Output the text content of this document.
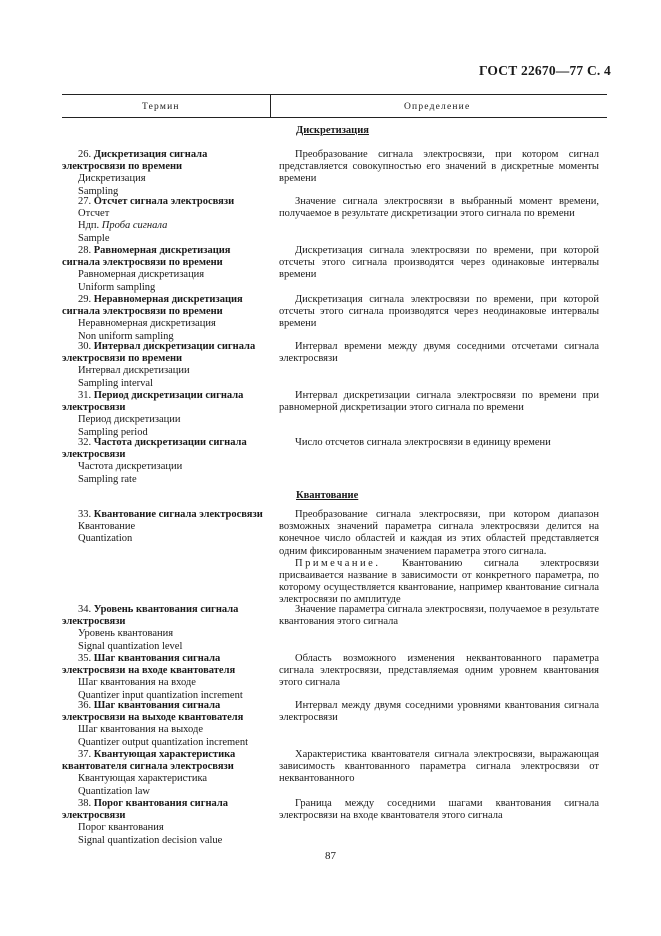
ГОСТ 22670—77 С. 4
Термин	Определение
Дискретизация
26. Дискретизация сигнала электросвязи по времени
Дискретизация
Sampling

Преобразование сигнала электросвязи, при котором сигнал представляется совокупностью его значений в дискретные моменты времени

27. Отсчет сигнала электросвязи
Отсчет
Ндп. Проба сигнала
Sample

Значение сигнала электросвязи в выбранный момент времени, получаемое в результате дискретизации этого сигнала по времени

28. Равномерная дискретизация сигнала электросвязи по времени
Равномерная дискретизация
Uniform sampling

Дискретизация сигнала электросвязи по времени, при которой отсчеты этого сигнала производятся через одинаковые интервалы времени

29. Неравномерная дискретизация сигнала электросвязи по времени
Неравномерная дискретизация
Non uniform sampling

Дискретизация сигнала электросвязи по времени, при которой отсчеты этого сигнала производятся через неодинаковые интервалы времени

30. Интервал дискретизации сигнала электросвязи по времени
Интервал дискретизации
Sampling interval

Интервал времени между двумя соседними отсчетами сигнала электросвязи

31. Период дискретизации сигнала электросвязи
Период дискретизации
Sampling period

Интервал дискретизации сигнала электросвязи по времени при равномерной дискретизации этого сигнала по времени

32. Частота дискретизации сигнала электросвязи
Частота дискретизации
Sampling rate

Число отсчетов сигнала электросвязи в единицу времени

33. Квантование сигнала электросвязи
Квантование
Quantization

Преобразование сигнала электросвязи, при котором диапазон возможных значений параметра сигнала электросвязи делится на конечное число областей и каждая из этих областей представляется одним фиксированным значением параметра этого сигнала.

Примечание. Квантованию сигнала электросвязи присваивается название в зависимости от конкретного параметра, по которому осуществляется квантование, например квантование сигнала электросвязи по амплитуде

34. Уровень квантования сигнала электросвязи
Уровень квантования
Signal quantization level

Значение параметра сигнала электросвязи, получаемое в результате квантования этого сигнала

35. Шаг квантования сигнала электросвязи на входе квантователя
Шаг квантования на входе
Quantizer input quantization increment

Область возможного изменения неквантованного параметра сигнала электросвязи, представляемая одним уровнем квантования этого сигнала

36. Шаг квантования сигнала электросвязи на выходе квантователя
Шаг квантования на выходе
Quantizer output quantization increment

Интервал между двумя соседними уровнями квантования сигнала электросвязи

37. Квантующая характеристика квантователя сигнала электросвязи
Квантующая характеристика
Quantization law

Характеристика квантователя сигнала электросвязи, выражающая зависимость квантованного параметра сигнала электросвязи от неквантованного

38. Порог квантования сигнала электросвязи
Порог квантования
Signal quantization decision value

Граница между соседними шагами квантования сигнала электросвязи на входе квантователя этого сигнала

Квантование
87
